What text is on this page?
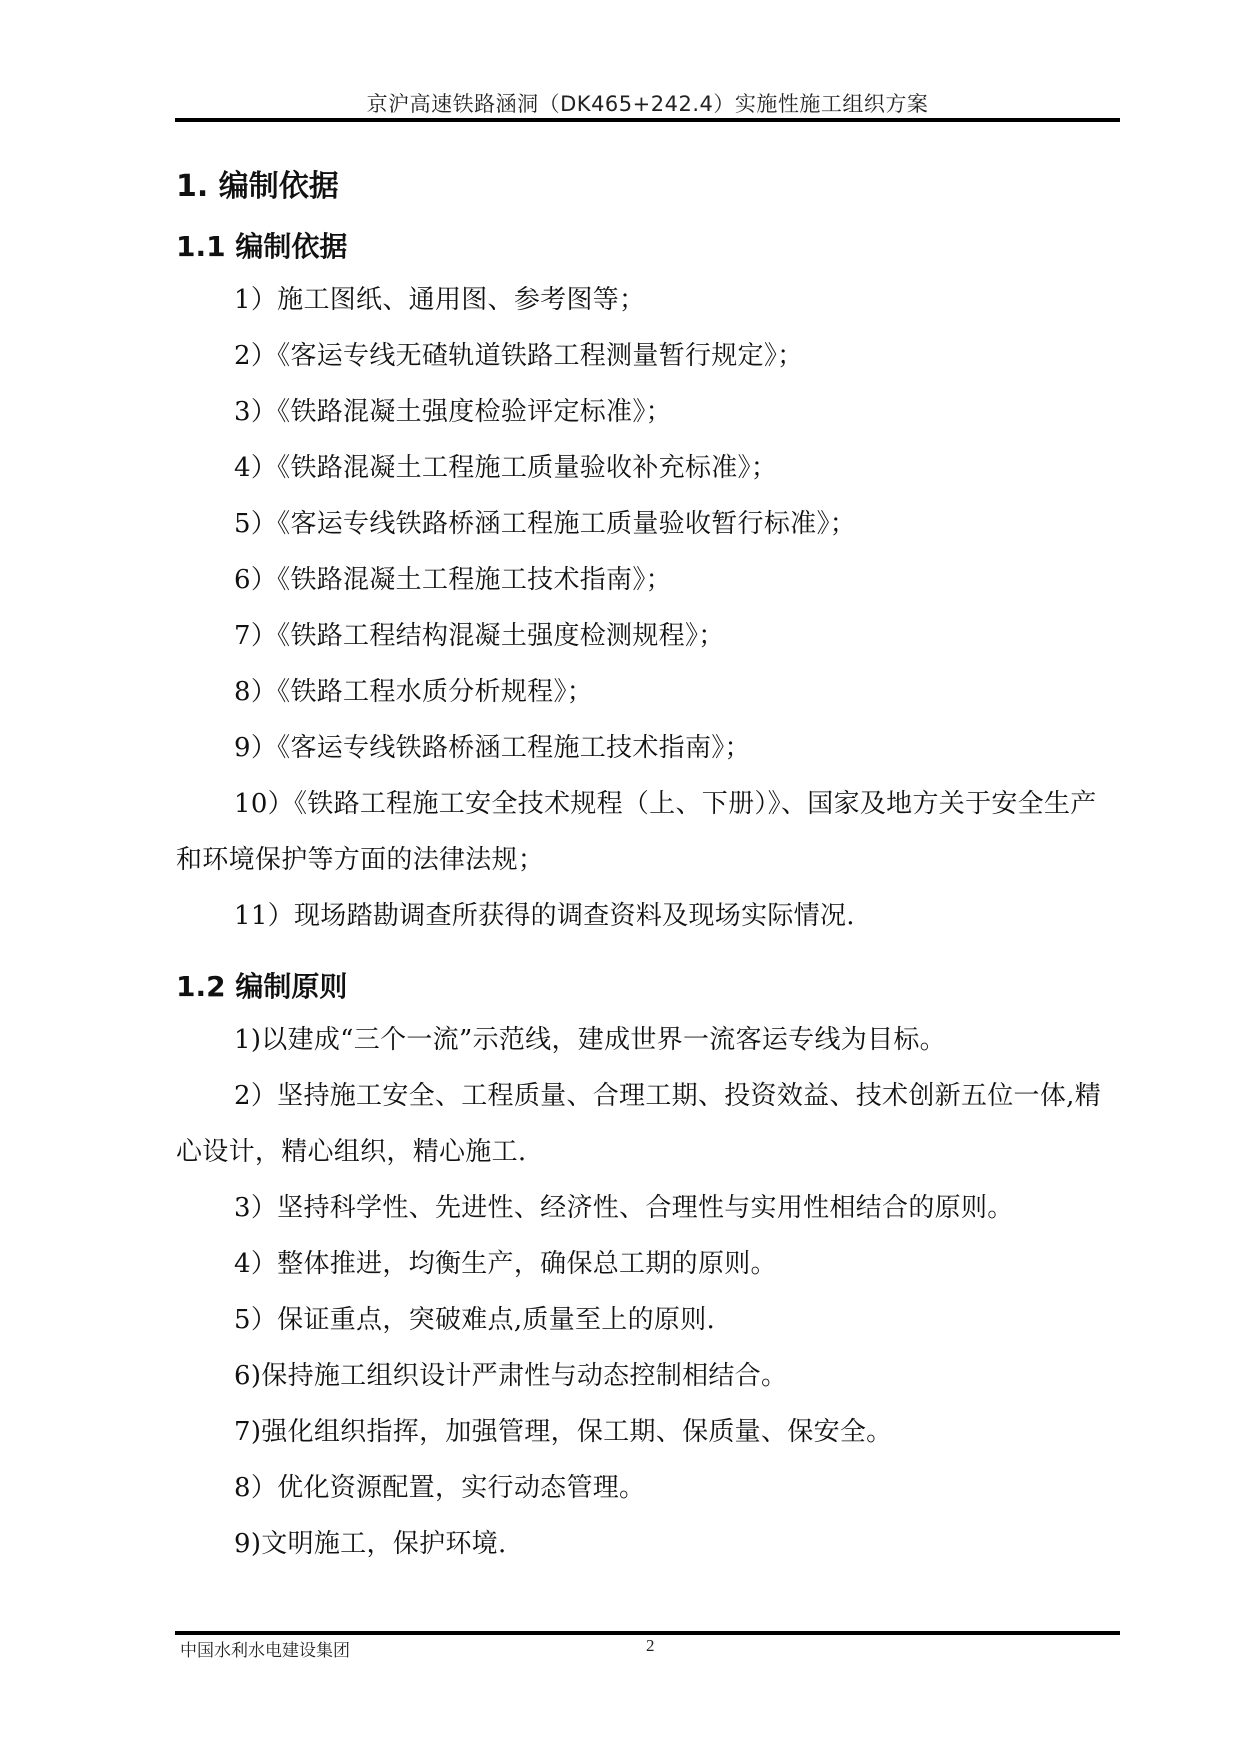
京沪高速铁路涵洞（DK465+242.4）实施性施工组织方案
1. 编制依据
1.1 编制依据
1）施工图纸、通用图、参考图等；
2）《客运专线无碴轨道铁路工程测量暂行规定》；
3）《铁路混凝土强度检验评定标准》；
4）《铁路混凝土工程施工质量验收补充标准》；
5）《客运专线铁路桥涵工程施工质量验收暂行标准》；
6）《铁路混凝土工程施工技术指南》；
7）《铁路工程结构混凝土强度检测规程》；
8）《铁路工程水质分析规程》；
9）《客运专线铁路桥涵工程施工技术指南》；
10）《铁路工程施工安全技术规程（上、下册）》、国家及地方关于安全生产和环境保护等方面的法律法规；
11）现场踏勘调查所获得的调查资料及现场实际情况.
1.2 编制原则
1)以建成“三个一流”示范线，建成世界一流客运专线为目标。
2）坚持施工安全、工程质量、合理工期、投资效益、技术创新五位一体,精心设计，精心组织，精心施工.
3）坚持科学性、先进性、经济性、合理性与实用性相结合的原则。
4）整体推进，均衡生产，确保总工期的原则。
5）保证重点，突破难点,质量至上的原则.
6)保持施工组织设计严肃性与动态控制相结合。
7)强化组织指挥，加强管理，保工期、保质量、保安全。
8）优化资源配置，实行动态管理。
9)文明施工，保护环境.
中国水利水电建设集团	2
